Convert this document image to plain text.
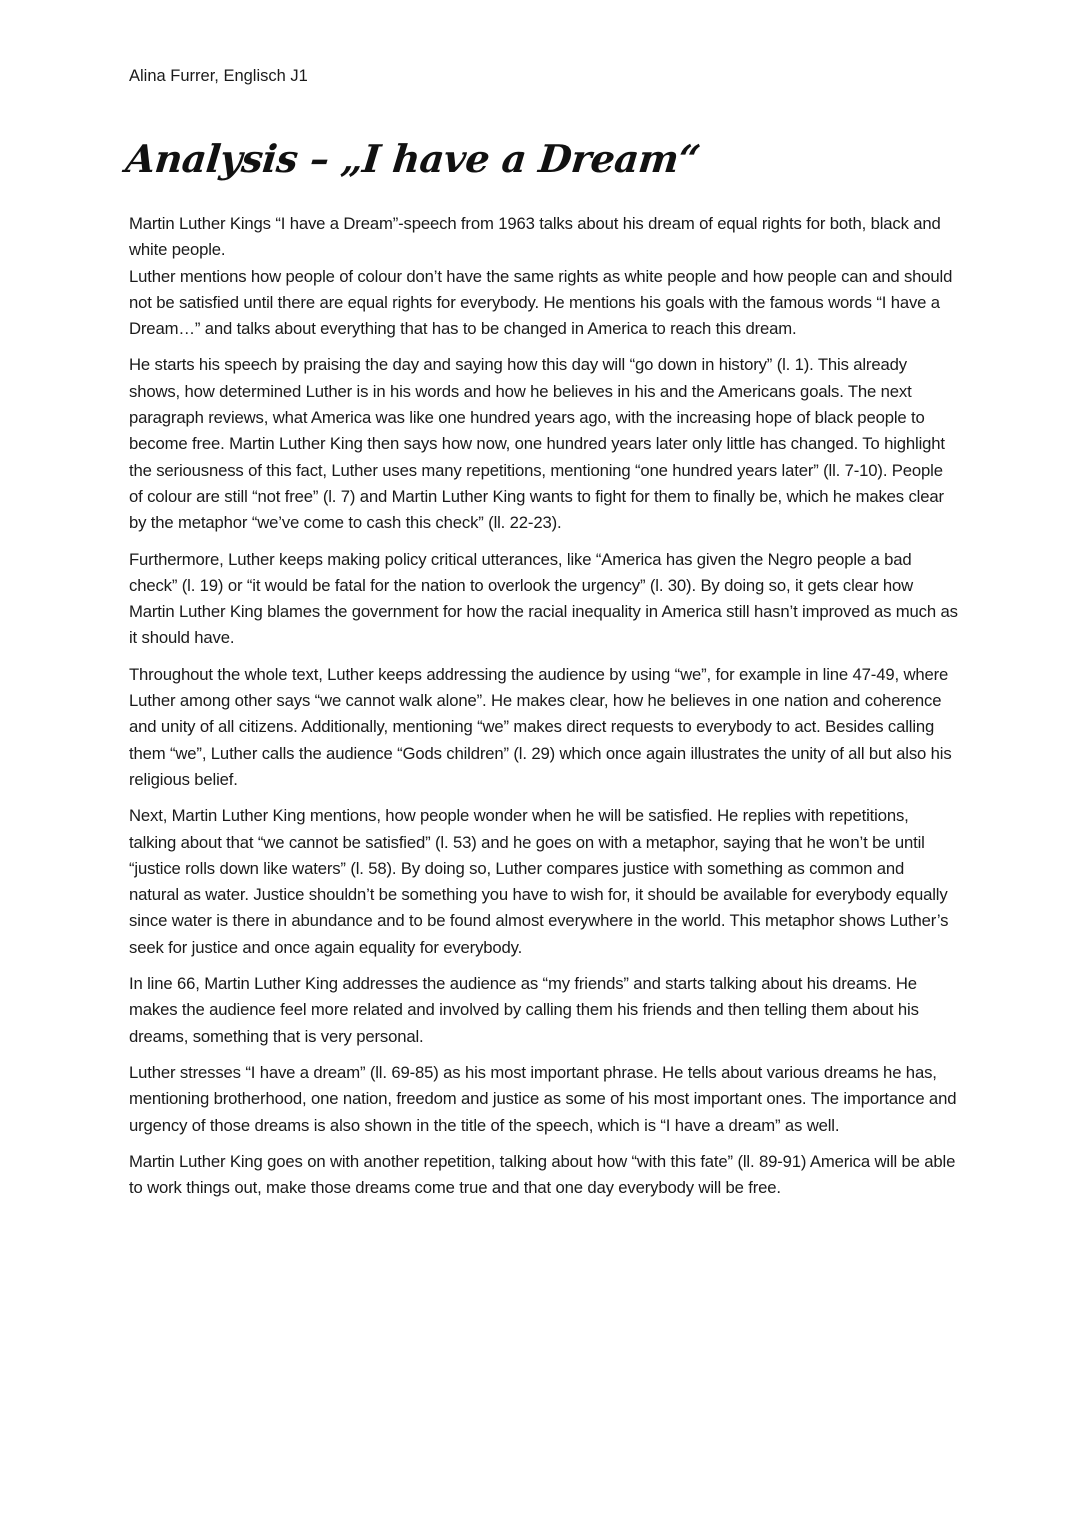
Alina Furrer, Englisch J1
Analysis – „I have a Dream“

Martin Luther Kings “I have a Dream”-speech from 1963 talks about his dream of equal rights for both, black and white people.

Luther mentions how people of colour don’t have the same rights as white people and how people can and should not be satisfied until there are equal rights for everybody. He mentions his goals with the famous words “I have a Dream…” and talks about everything that has to be changed in America to reach this dream.

He starts his speech by praising the day and saying how this day will “go down in history” (l. 1). This already shows, how determined Luther is in his words and how he believes in his and the Americans goals. The next paragraph reviews, what America was like one hundred years ago, with the increasing hope of black people to become free. Martin Luther King then says how now, one hundred years later only little has changed. To highlight the seriousness of this fact, Luther uses many repetitions, mentioning “one hundred years later” (ll. 7-10). People of colour are still “not free” (l. 7) and Martin Luther King wants to fight for them to finally be, which he makes clear by the metaphor “we’ve come to cash this check” (ll. 22-23).

Furthermore, Luther keeps making policy critical utterances, like “America has given the Negro people a bad check” (l. 19) or “it would be fatal for the nation to overlook the urgency” (l. 30). By doing so, it gets clear how Martin Luther King blames the government for how the racial inequality in America still hasn’t improved as much as it should have.

Throughout the whole text, Luther keeps addressing the audience by using “we”, for example in line 47-49, where Luther among other says “we cannot walk alone”. He makes clear, how he believes in one nation and coherence and unity of all citizens. Additionally, mentioning “we” makes direct requests to everybody to act. Besides calling them “we”, Luther calls the audience “Gods children” (l. 29) which once again illustrates the unity of all but also his religious belief.

Next, Martin Luther King mentions, how people wonder when he will be satisfied. He replies with repetitions, talking about that “we cannot be satisfied” (l. 53) and he goes on with a metaphor, saying that he won’t be until “justice rolls down like waters” (l. 58). By doing so, Luther compares justice with something as common and natural as water. Justice shouldn’t be something you have to wish for, it should be available for everybody equally since water is there in abundance and to be found almost everywhere in the world. This metaphor shows Luther’s seek for justice and once again equality for everybody.

In line 66, Martin Luther King addresses the audience as “my friends” and starts talking about his dreams. He makes the audience feel more related and involved by calling them his friends and then telling them about his dreams, something that is very personal.

Luther stresses “I have a dream” (ll. 69-85) as his most important phrase. He tells about various dreams he has, mentioning brotherhood, one nation, freedom and justice as some of his most important ones. The importance and urgency of those dreams is also shown in the title of the speech, which is “I have a dream” as well.

Martin Luther King goes on with another repetition, talking about how “with this fate” (ll. 89-91) America will be able to work things out, make those dreams come true and that one day everybody will be free.
